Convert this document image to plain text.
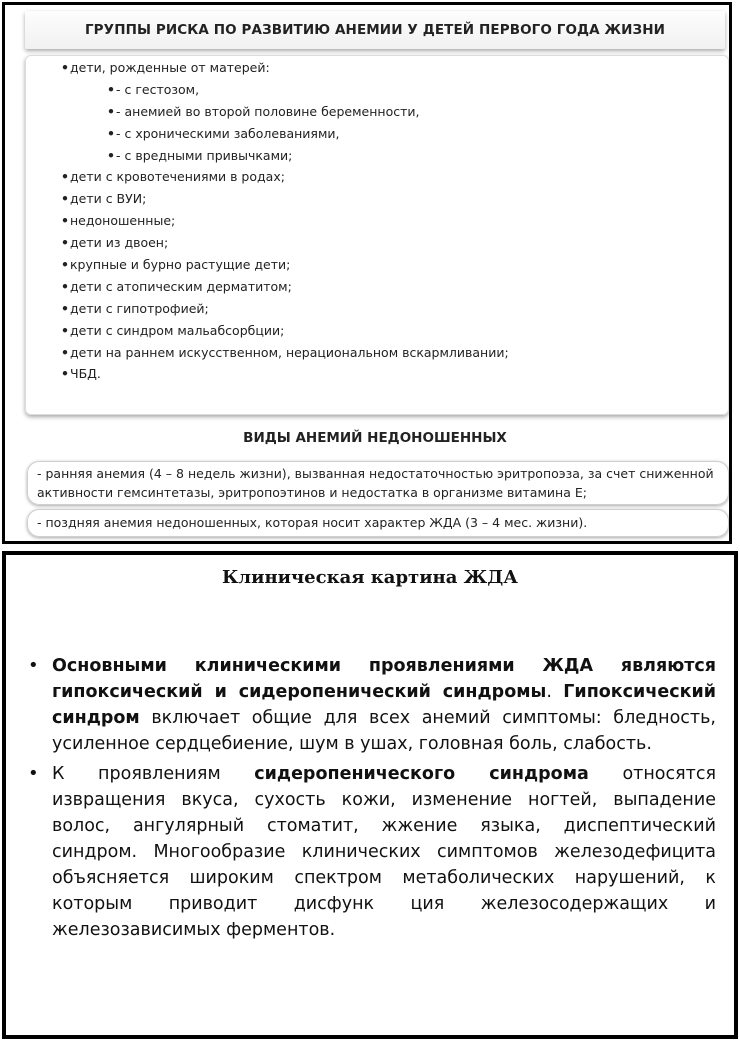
ГРУППЫ РИСКА ПО РАЗВИТИЮ АНЕМИИ У ДЕТЕЙ ПЕРВОГО ГОДА ЖИЗНИ
•дети, рожденные от матерей:
•- с гестозом,
•- анемией во второй половине беременности,
•- с хроническими заболеваниями,
•- с вредными привычками;
•дети с кровотечениями в родах;
•дети с ВУИ;
•недоношенные;
•дети из двоен;
•крупные и бурно растущие дети;
•дети с атопическим дерматитом;
•дети с гипотрофией;
•дети с синдром мальабсорбции;
•дети на раннем искусственном, нерациональном вскармливании;
•ЧБД.
ВИДЫ АНЕМИЙ НЕДОНОШЕННЫХ

- ранняя анемия (4 – 8 недель жизни), вызванная недостаточностью эритропоэза, за счет сниженной активности гемсинтетазы, эритропоэтинов и недостатка в организме витамина Е;

- поздняя анемия недоношенных, которая носит характер ЖДА (3 – 4 мес. жизни).

Клиническая картина ЖДА
• Основными клиническими проявлениями ЖДА являются гипоксический и сидеропенический синдромы. Гипоксический синдром включает общие для всех анемий симптомы: бледность, усиленное сердцебиение, шум в ушах, головная боль, слабость.
• К проявлениям сидеропенического синдрома относятся извращения вкуса, сухость кожи, изменение ногтей, выпадение волос, ангулярный стоматит, жжение языка, диспептический синдром. Многообразие клинических симптомов железодефицита объясняется широким спектром метаболических нарушений, к которым приводит дисфунк ция железосодержащих и железозависимых ферментов.
